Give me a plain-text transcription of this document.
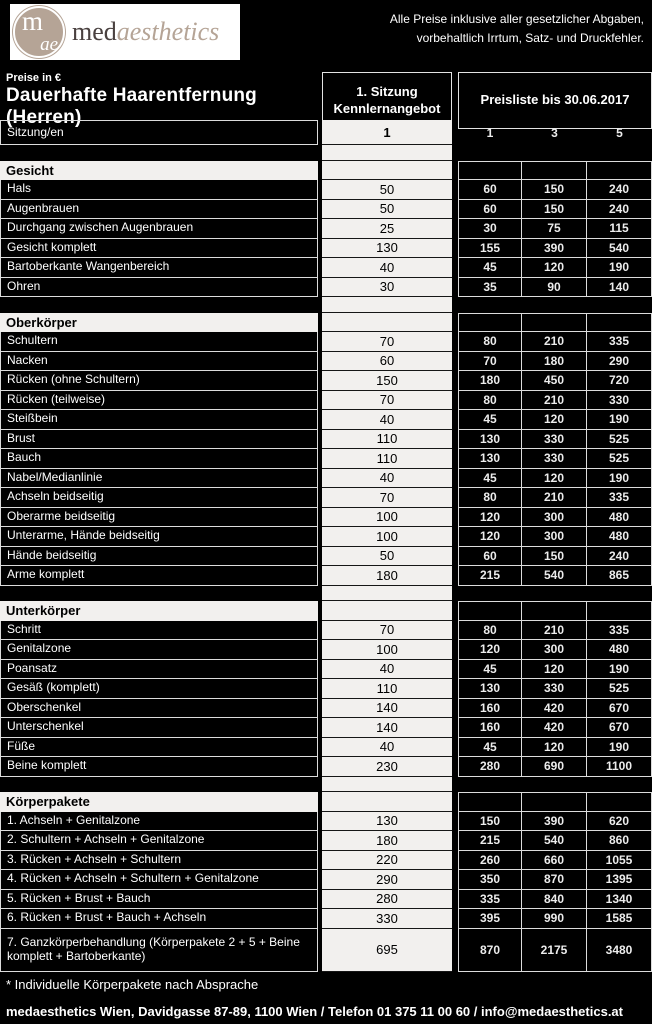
m
ae medaesthetics	Alle Preise inklusive aller gesetzlicher Abgaben,
vorbehaltlich Irrtum, Satz- und Druckfehler.
Preise in €
Dauerhafte Haarentfernung (Herren)
1. Sitzung
Kennlernangebot
Preisliste bis 30.06.2017
Sitzung/en	1	1	3	5
Gesicht
Hals	50	60	150	240
Augenbrauen	50	60	150	240
Durchgang zwischen Augenbrauen	25	30	75	115
Gesicht komplett	130	155	390	540
Bartoberkante Wangenbereich	40	45	120	190
Ohren	30	35	90	140
Oberkörper
Schultern	70	80	210	335
Nacken	60	70	180	290
Rücken (ohne Schultern)	150	180	450	720
Rücken (teilweise)	70	80	210	330
Steißbein	40	45	120	190
Brust	110	130	330	525
Bauch	110	130	330	525
Nabel/Medianlinie	40	45	120	190
Achseln beidseitig	70	80	210	335
Oberarme beidseitig	100	120	300	480
Unterarme, Hände beidseitig	100	120	300	480
Hände beidseitig	50	60	150	240
Arme komplett	180	215	540	865
Unterkörper
Schritt	70	80	210	335
Genitalzone	100	120	300	480
Poansatz	40	45	120	190
Gesäß (komplett)	110	130	330	525
Oberschenkel	140	160	420	670
Unterschenkel	140	160	420	670
Füße	40	45	120	190
Beine komplett	230	280	690	1100
Körperpakete
1. Achseln + Genitalzone	130	150	390	620
2. Schultern + Achseln + Genitalzone	180	215	540	860
3. Rücken + Achseln + Schultern	220	260	660	1055
4. Rücken + Achseln + Schultern + Genitalzone	290	350	870	1395
5. Rücken + Brust + Bauch	280	335	840	1340
6. Rücken + Brust + Bauch + Achseln	330	395	990	1585
7. Ganzkörperbehandlung (Körperpakete 2 + 5 + Beine komplett + Bartoberkante)	695	870	2175	3480
* Individuelle Körperpakete nach Absprache
medaesthetics Wien, Davidgasse 87-89, 1100 Wien / Telefon 01 375 11 00 60 / info@medaesthetics.at
